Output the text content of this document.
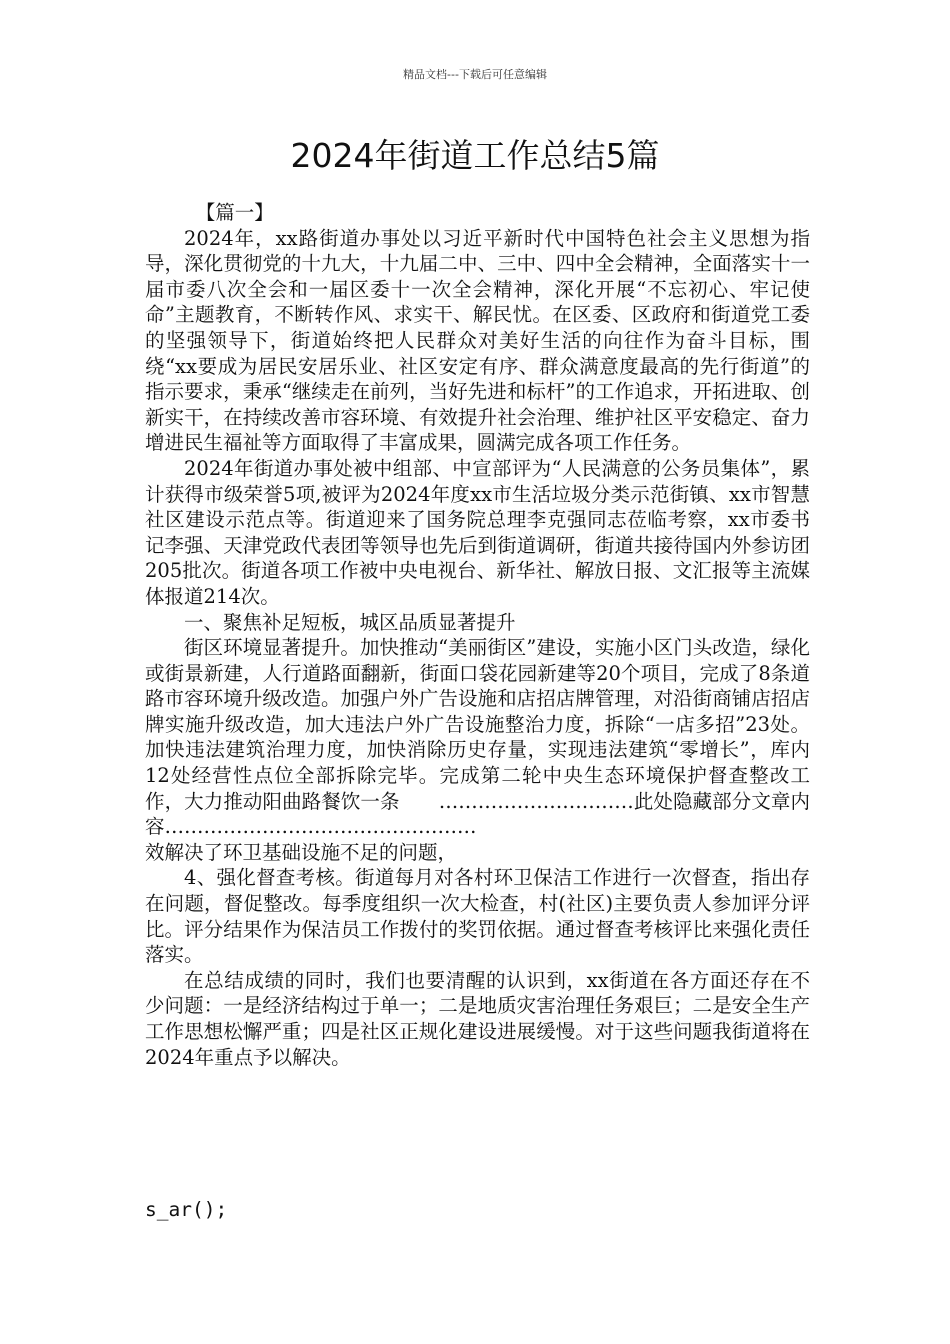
精品文档---下载后可任意编辑
2024年街道工作总结5篇

【篇一】

2024年，xx路街道办事处以习近平新时代中国特色社会主义思想为指导，深化贯彻党的十九大，十九届二中、三中、四中全会精神，全面落实十一届市委八次全会和一届区委十一次全会精神，深化开展“不忘初心、牢记使命”主题教育，不断转作风、求实干、解民忧。在区委、区政府和街道党工委的坚强领导下，街道始终把人民群众对美好生活的向往作为奋斗目标，围绕“xx要成为居民安居乐业、社区安定有序、群众满意度最高的先行街道”的指示要求，秉承“继续走在前列，当好先进和标杆”的工作追求，开拓进取、创新实干，在持续改善市容环境、有效提升社会治理、维护社区平安稳定、奋力增进民生福祉等方面取得了丰富成果，圆满完成各项工作任务。

2024年街道办事处被中组部、中宣部评为“人民满意的公务员集体”，累计获得市级荣誉5项,被评为2024年度xx市生活垃圾分类示范街镇、xx市智慧社区建设示范点等。街道迎来了国务院总理李克强同志莅临考察，xx市委书记李强、天津党政代表团等领导也先后到街道调研，街道共接待国内外参访团205批次。街道各项工作被中央电视台、新华社、解放日报、文汇报等主流媒体报道214次。

一、聚焦补足短板，城区品质显著提升

街区环境显著提升。加快推动“美丽街区”建设，实施小区门头改造，绿化或街景新建，人行道路面翻新，街面口袋花园新建等20个项目，完成了8条道路市容环境升级改造。加强户外广告设施和店招店牌管理，对沿街商铺店招店牌实施升级改造，加大违法户外广告设施整治力度，拆除“一店多招”23处。加快违法建筑治理力度，加快消除历史存量，实现违法建筑“零增长”，库内12处经营性点位全部拆除完毕。完成第二轮中央生态环境保护督查整改工作，大力推动阳曲路餐饮一条　　…………………………此处隐藏部分文章内容…………………………………………

效解决了环卫基础设施不足的问题，

4、强化督查考核。街道每月对各村环卫保洁工作进行一次督查，指出存在问题，督促整改。每季度组织一次大检查，村(社区)主要负责人参加评分评比。评分结果作为保洁员工作拨付的奖罚依据。通过督查考核评比来强化责任落实。

在总结成绩的同时，我们也要清醒的认识到，xx街道在各方面还存在不少问题：一是经济结构过于单一；二是地质灾害治理任务艰巨；二是安全生产工作思想松懈严重；四是社区正规化建设进展缓慢。对于这些问题我街道将在2024年重点予以解决。

s_ar();
